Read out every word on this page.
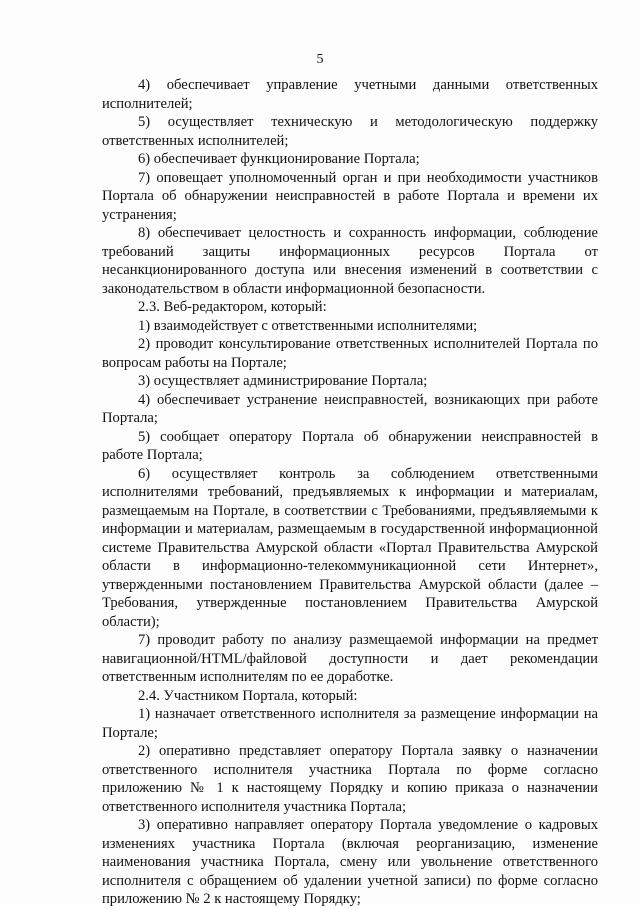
5

4) обеспечивает управление учетными данными ответственных исполнителей;

5) осуществляет техническую и методологическую поддержку ответственных исполнителей;

6) обеспечивает функционирование Портала;

7) оповещает уполномоченный орган и при необходимости участников Портала об обнаружении неисправностей в работе Портала и времени их устранения;

8) обеспечивает целостность и сохранность информации, соблюдение требований защиты информационных ресурсов Портала от несанкционированного доступа или внесения изменений в соответствии с законодательством в области информационной безопасности.

2.3. Веб-редактором, который:

1) взаимодействует с ответственными исполнителями;

2) проводит консультирование ответственных исполнителей Портала по вопросам работы на Портале;

3) осуществляет администрирование Портала;

4) обеспечивает устранение неисправностей, возникающих при работе Портала;

5) сообщает оператору Портала об обнаружении неисправностей в работе Портала;

6) осуществляет контроль за соблюдением ответственными исполнителями требований, предъявляемых к информации и материалам, размещаемым на Портале, в соответствии с Требованиями, предъявляемыми к информации и материалам, размещаемым в государственной информационной системе Правительства Амурской области «Портал Правительства Амурской области в информационно-телекоммуникационной сети Интернет», утвержденными постановлением Правительства Амурской области (далее – Требования, утвержденные постановлением Правительства Амурской области);

7) проводит работу по анализу размещаемой информации на предмет навигационной/HTML/файловой доступности и дает рекомендации ответственным исполнителям по ее доработке.

2.4. Участником Портала, который:

1) назначает ответственного исполнителя за размещение информации на Портале;

2) оперативно представляет оператору Портала заявку о назначении ответственного исполнителя участника Портала по форме согласно приложению № 1 к настоящему Порядку и копию приказа о назначении ответственного исполнителя участника Портала;

3) оперативно направляет оператору Портала уведомление о кадровых изменениях участника Портала (включая реорганизацию, изменение наименования участника Портала, смену или увольнение ответственного исполнителя с обращением об удалении учетной записи) по форме согласно приложению № 2 к настоящему Порядку;
